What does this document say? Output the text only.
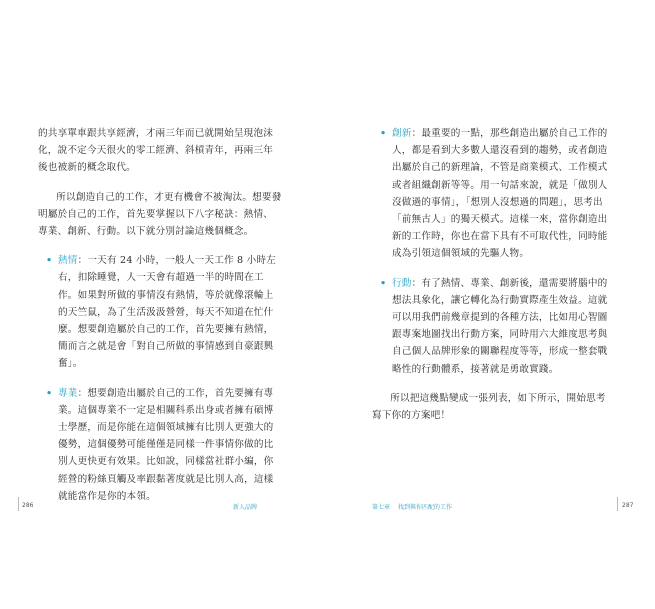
的共享單車跟共享經濟，才兩三年而已就開始呈現泡沫化，說不定今天很火的零工經濟、斜槓青年，再兩三年後也被新的概念取代。

所以創造自己的工作，才更有機會不被淘汰。想要發明屬於自己的工作，首先要掌握以下八字秘訣：熱情、專業、創新、行動。以下就分別討論這幾個概念。

• 熱情：一天有 24 小時，一般人一天工作 8 小時左右，扣除睡覺，人一天會有超過一半的時間在工作。如果對所做的事情沒有熱情，等於就像滾輪上的天竺鼠，為了生活汲汲營營，每天不知道在忙什麼。想要創造屬於自己的工作，首先要擁有熱情，簡而言之就是會「對自己所做的事情感到自豪跟興奮」。

• 專業：想要創造出屬於自己的工作，首先要擁有專業。這個專業不一定是相關科系出身或者擁有碩博士學歷，而是你能在這個領域擁有比別人更強大的優勢，這個優勢可能僅僅是同樣一件事情你做的比別人更快更有效果。比如說，同樣當社群小編，你經營的粉絲頁觸及率跟黏著度就是比別人高，這樣就能當作是你的本領。

286	新人品牌
• 創新：最重要的一點，那些創造出屬於自己工作的人，都是看到大多數人還沒看到的趨勢，或者創造出屬於自己的新理論，不管是商業模式、工作模式或者組織創新等等。用一句話來說，就是「做別人沒做過的事情」，「想別人沒想過的問題」，思考出「前無古人」的獨天模式。這樣一來，當你創造出新的工作時，你也在當下具有不可取代性，同時能成為引領這個領域的先驅人物。

• 行動：有了熱情、專業、創新後，還需要將腦中的想法具象化，讓它轉化為行動實際產生效益。這就可以用我們前幾章提到的各種方法，比如用心智圖跟專案地圖找出行動方案，同時用六大維度思考與自己個人品牌形象的關聯程度等等，形成一整套戰略性的行動體系，接著就是勇敢實踐。

所以把這幾點變成一張列表，如下所示，開始思考寫下你的方案吧！

第七章 找到與你匹配的工作	287
